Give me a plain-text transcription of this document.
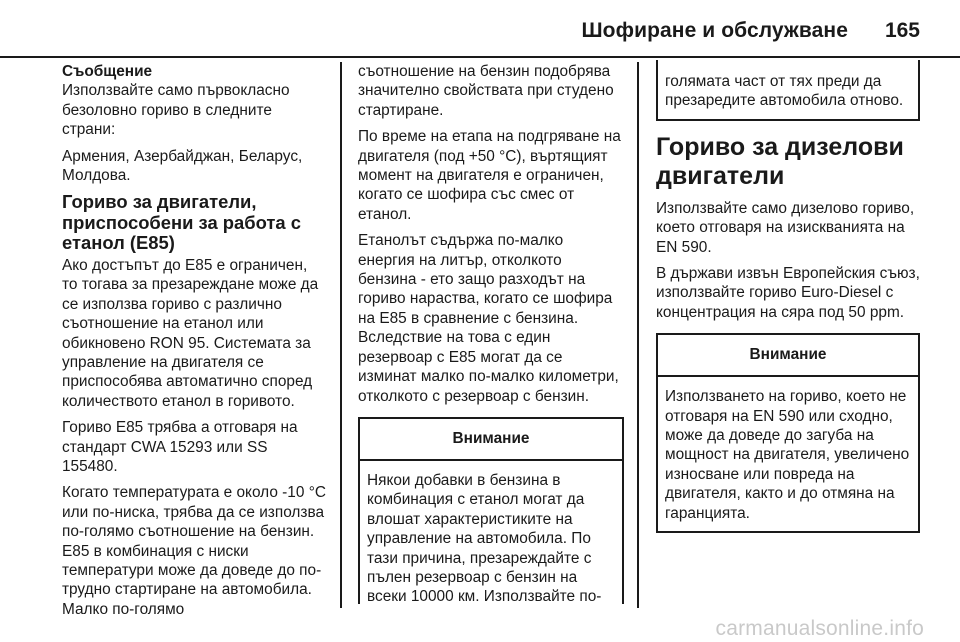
Шофиране и обслужване 165

Съобщение

Използвайте само първокласно безоловно гориво в следните страни:

Армения, Азербайджан, Беларус, Молдова.

Гориво за двигатели, приспособени за работа с етанол (E85)

Ако достъпът до E85 е ограничен, то тогава за презареждане може да се използва гориво с различно съотношение на етанол или обикновено RON 95. Системата за управление на двигателя се приспособява автоматично според количеството етанол в горивото.

Гориво E85 трябва а отговаря на стандарт CWA 15293 или SS 155480.

Когато температурата е около -10 °C или по-ниска, трябва да се използва по-голямо съотношение на бензин. E85 в комбинация с ниски температури може да доведе до по-трудно стартиране на автомобила. Малко по-голямо

съотношение на бензин подобрява значително свойствата при студено стартиране.

По време на етапа на подгряване на двигателя (под +50 °C), въртящият момент на двигателя е ограничен, когато се шофира със смес от етанол.

Етанолът съдържа по-малко енергия на литър, отколкото бензина - ето защо разходът на гориво нараства, когато се шофира на E85 в сравнение с бензина. Вследствие на това с един резервоар с E85 могат да се изминат малко по-малко километри, отколкото с резервоар с бензин.

Внимание
Някои добавки в бензина в комбинация с етанол могат да влошат характеристиките на управление на автомобила. По тази причина, презареждайте с пълен резервоар с бензин на всеки 10000 км. Използвайте по-
голямата част от тях преди да презаредите автомобила отново.
Гориво за дизелови двигатели

Използвайте само дизелово гориво, което отговаря на изискванията на EN 590.

В държави извън Европейския съюз, използвайте гориво Euro-Diesel с концентрация на сяра под 50 ppm.

Внимание
Използването на гориво, което не отговаря на EN 590 или сходно, може да доведе до загуба на мощност на двигателя, увеличено износване или повреда на двигателя, както и до отмяна на гаранцията.
carmanualsonline.info
